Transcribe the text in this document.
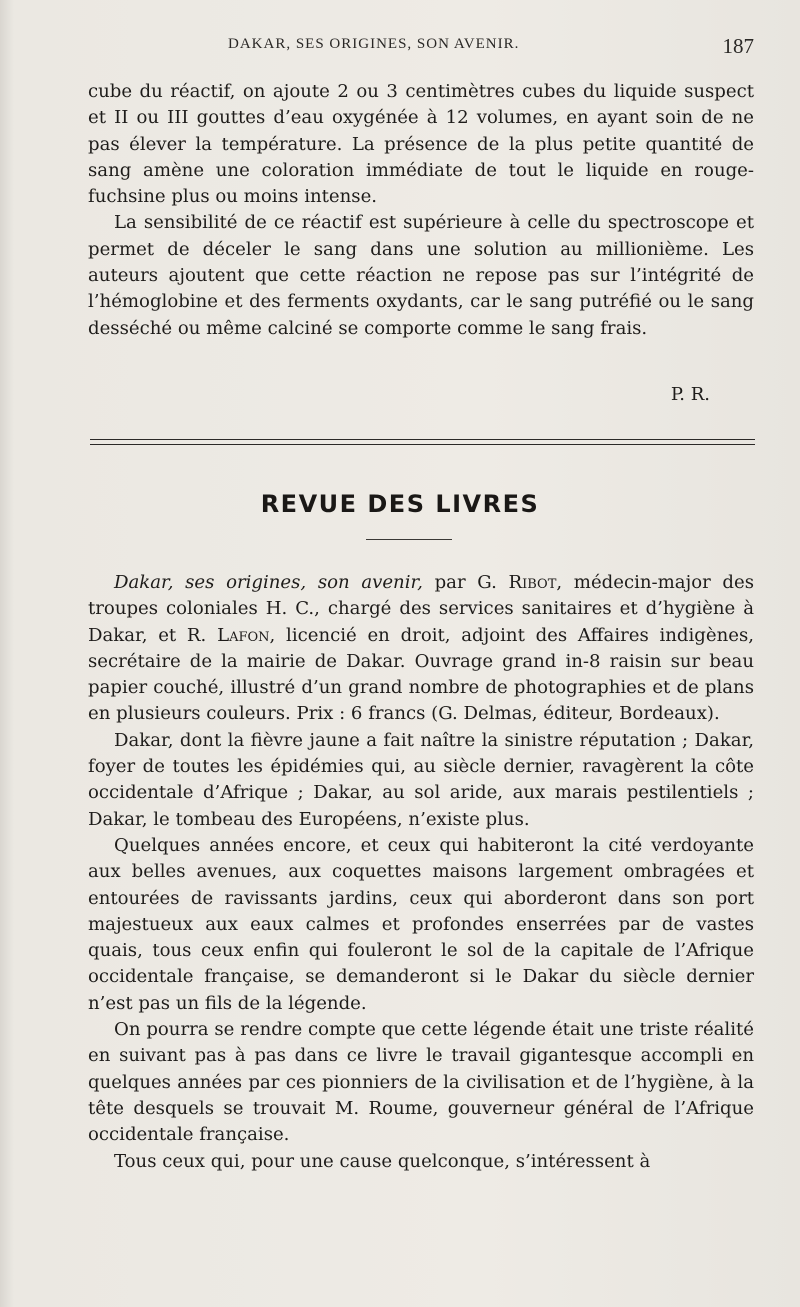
DAKAR, SES ORIGINES, SON AVENIR.	187

cube du réactif, on ajoute 2 ou 3 centimètres cubes du liquide suspect et II ou III gouttes d’eau oxygénée à 12 volumes, en ayant soin de ne pas élever la température. La présence de la plus petite quantité de sang amène une coloration immédiate de tout le liquide en rouge-fuchsine plus ou moins intense.

La sensibilité de ce réactif est supérieure à celle du spectroscope et permet de déceler le sang dans une solution au millionième. Les auteurs ajoutent que cette réaction ne repose pas sur l’intégrité de l’hémoglobine et des ferments oxydants, car le sang putréfié ou le sang desséché ou même calciné se comporte comme le sang frais.

P. R.
REVUE DES LIVRES

Dakar, ses origines, son avenir, par G. Ribot, médecin-major des troupes coloniales H. C., chargé des services sanitaires et d’hygiène à Dakar, et R. Lafon, licencié en droit, adjoint des Affaires indigènes, secrétaire de la mairie de Dakar. Ouvrage grand in-8 raisin sur beau papier couché, illustré d’un grand nombre de photographies et de plans en plusieurs couleurs. Prix : 6 francs (G. Delmas, éditeur, Bordeaux).

Dakar, dont la fièvre jaune a fait naître la sinistre réputation ; Dakar, foyer de toutes les épidémies qui, au siècle dernier, ravagèrent la côte occidentale d’Afrique ; Dakar, au sol aride, aux marais pestilentiels ; Dakar, le tombeau des Européens, n’existe plus.

Quelques années encore, et ceux qui habiteront la cité verdoyante aux belles avenues, aux coquettes maisons largement ombragées et entourées de ravissants jardins, ceux qui aborderont dans son port majestueux aux eaux calmes et profondes enserrées par de vastes quais, tous ceux enfin qui fouleront le sol de la capitale de l’Afrique occidentale française, se demanderont si le Dakar du siècle dernier n’est pas un fils de la légende.

On pourra se rendre compte que cette légende était une triste réalité en suivant pas à pas dans ce livre le travail gigantesque accompli en quelques années par ces pionniers de la civilisation et de l’hygiène, à la tête desquels se trouvait M. Roume, gouverneur général de l’Afrique occidentale française.

Tous ceux qui, pour une cause quelconque, s’intéressent à
